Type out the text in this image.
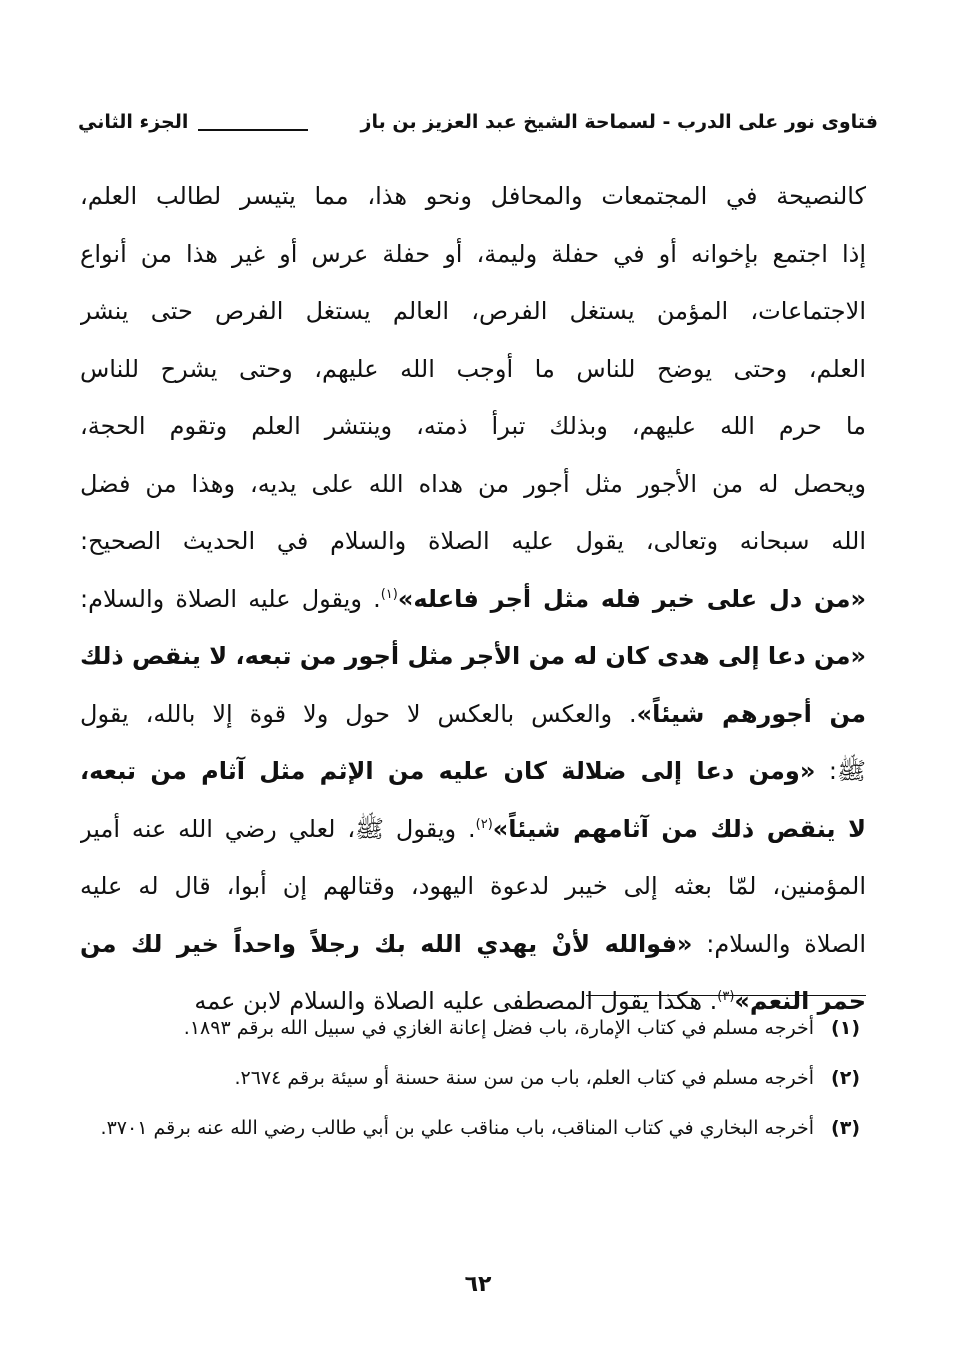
فتاوى نور على الدرب - لسماحة الشيخ عبد العزيز بن باز
الجزء الثاني
كالنصيحة في المجتمعات والمحافل ونحو هذا، مما يتيسر لطالب العلم،
إذا اجتمع بإخوانه أو في حفلة وليمة، أو حفلة عرس أو غير هذا من أنواع
الاجتماعات، المؤمن يستغل الفرص، العالم يستغل الفرص حتى ينشر
العلم، وحتى يوضح للناس ما أوجب الله عليهم، وحتى يشرح للناس
ما حرم الله عليهم، وبذلك تبرأ ذمته، وينتشر العلم وتقوم الحجة،
ويحصل له من الأجور مثل أجور من هداه الله على يديه، وهذا من فضل
الله سبحانه وتعالى، يقول عليه الصلاة والسلام في الحديث الصحيح:
«من دل على خير فله مثل أجر فاعله»$^{(١)}$. ويقول عليه الصلاة والسلام:
«من دعا إلى هدى كان له من الأجر مثل أجور من تبعه، لا ينقص ذلك
من أجورهم شيئاً». والعكس بالعكس لا حول ولا قوة إلا بالله، يقول
ﷺ: «ومن دعا إلى ضلالة كان عليه من الإثم مثل آثام من تبعه،
لا ينقص ذلك من آثامهم شيئاً»$^{(٢)}$. ويقول ﷺ، لعلي رضي الله عنه أمير
المؤمنين، لمّا بعثه إلى خيبر لدعوة اليهود، وقتالهم إن أبوا، قال له عليه
الصلاة والسلام: «فوالله لأنْ يهدي الله بك رجلاً واحداً خير لك من
حمر النعم»$^{(٣)}$. هكذا يقول المصطفى عليه الصلاة والسلام لابن عمه
(١)
أخرجه مسلم في كتاب الإمارة، باب فضل إعانة الغازي في سبيل الله برقم ١٨٩٣.
(٢)
أخرجه مسلم في كتاب العلم، باب من سن سنة حسنة أو سيئة برقم ٢٦٧٤.
(٣)
أخرجه البخاري في كتاب المناقب، باب مناقب علي بن أبي طالب رضي الله عنه برقم ٣٧٠١.
٦٢
